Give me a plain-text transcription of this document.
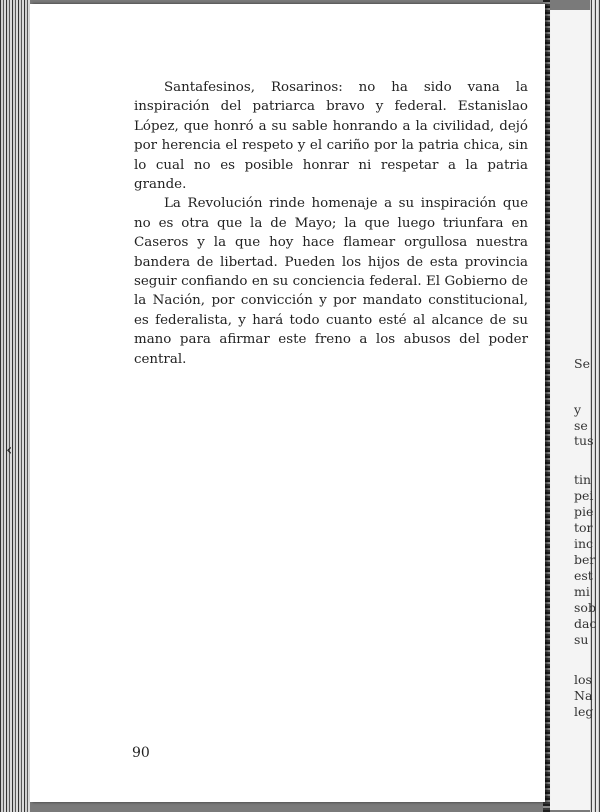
Santafesinos, Rosarinos: no ha sido vana la inspiración del patriarca bravo y federal. Estanislao López, que honró a su sable honrando a la civilidad, dejó por herencia el respeto y el cariño por la patria chica, sin lo cual no es posible honrar ni respetar a la patria grande.

La Revolución rinde homenaje a su inspiración que no es otra que la de Mayo; la que luego triunfara en Caseros y la que hoy hace flamear orgullosa nuestra bandera de libertad. Pueden los hijos de esta provincia seguir confiando en su conciencia federal. El Gobierno de la Nación, por convicción y por mandato constitucional, es federalista, y hará todo cuanto esté al alcance de su mano para afirmar este freno a los abusos del poder central.

90
‹
Se
y
se
tus
tin
pei
pie
tor
inc
ber
est
mi
sob
dac
su
los
Na
leg
